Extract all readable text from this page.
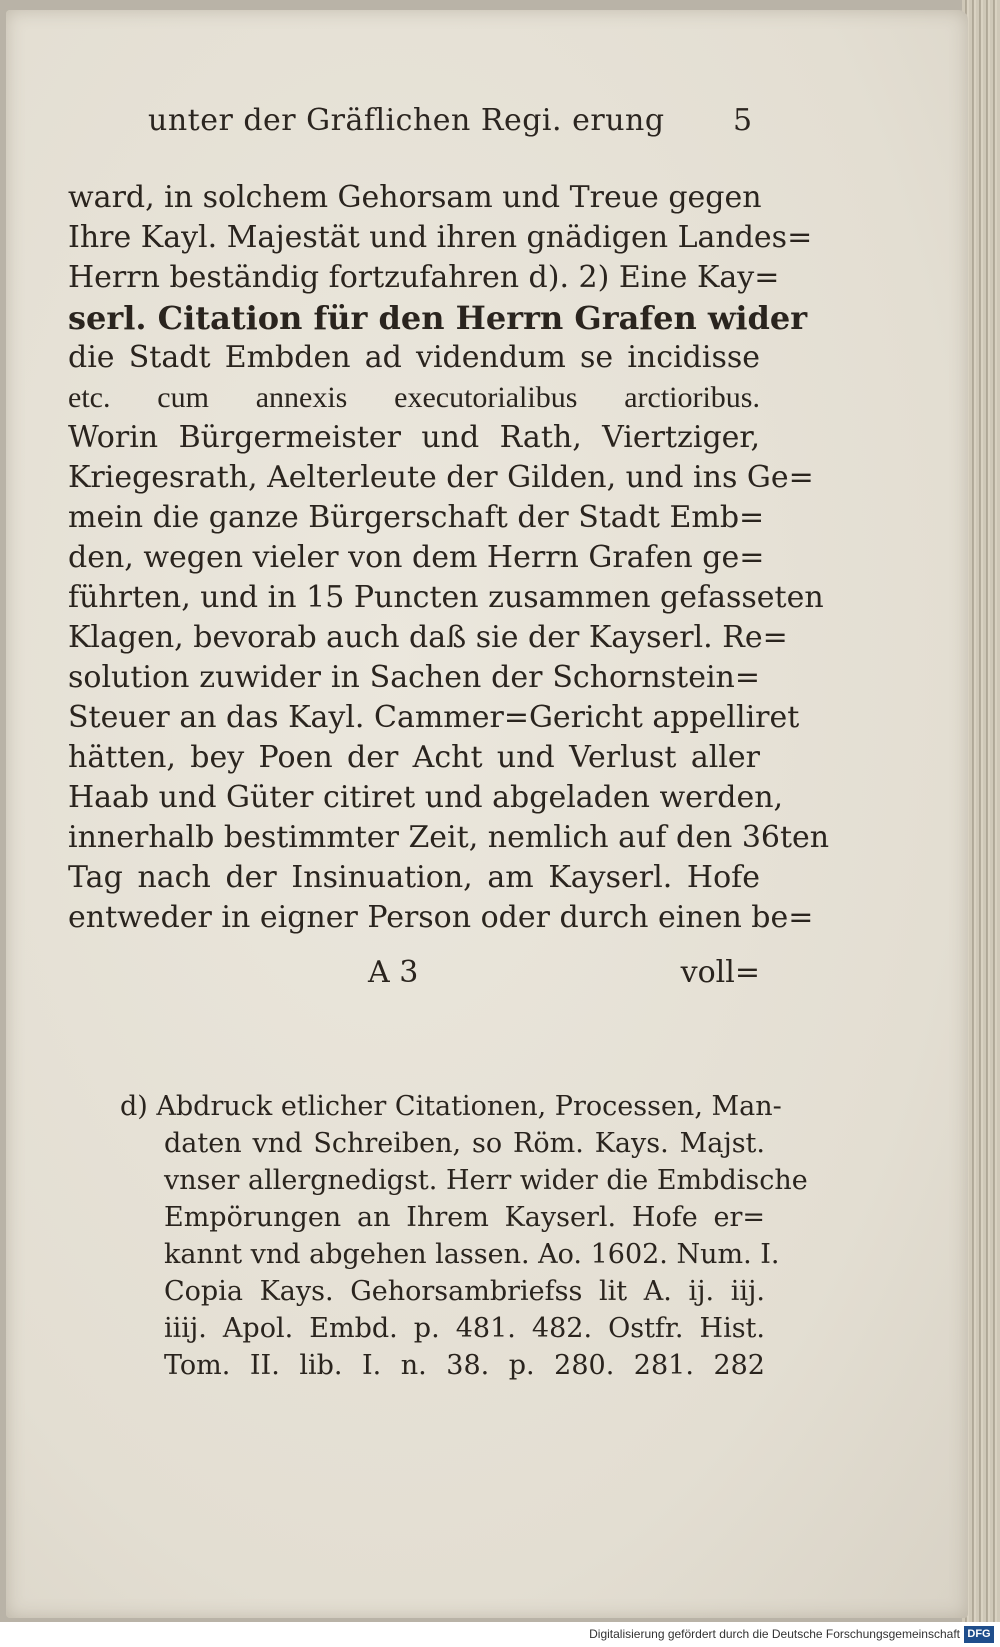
unter der Gräflichen Regi. erung 5
ward, in solchem Gehorsam und Treue gegen
Ihre Kayl. Majestät und ihren gnädigen Landes=
Herrn beständig fortzufahren d). 2) Eine Kay=
serl. Citation für den Herrn Grafen wider
die Stadt Embden ad videndum se incidisse
etc. cum annexis executorialibus arctioribus.
Worin Bürgermeister und Rath, Viertziger,
Kriegesrath, Aelterleute der Gilden, und ins Ge=
mein die ganze Bürgerschaft der Stadt Emb=
den, wegen vieler von dem Herrn Grafen ge=
führten, und in 15 Puncten zusammen gefasseten
Klagen, bevorab auch daß sie der Kayserl. Re=
solution zuwider in Sachen der Schornstein=
Steuer an das Kayl. Cammer=Gericht appelliret
hätten, bey Poen der Acht und Verlust aller
Haab und Güter citiret und abgeladen werden,
innerhalb bestimmter Zeit, nemlich auf den 36ten
Tag nach der Insinuation, am Kayserl. Hofe
entweder in eigner Person oder durch einen be=
A 3	voll=
d) Abdruck etlicher Citationen, Processen, Man-
daten vnd Schreiben, so Röm. Kays. Majst.
vnser allergnedigst. Herr wider die Embdische
Empörungen an Ihrem Kayserl. Hofe er=
kannt vnd abgehen lassen. Ao. 1602. Num. I.
Copia Kays. Gehorsambriefss lit A. ij. iij.
iiij. Apol. Embd. p. 481. 482. Ostfr. Hist.
Tom. II. lib. I. n. 38. p. 280. 281. 282
Digitalisierung gefördert durch die Deutsche Forschungsgemeinschaft DFG
